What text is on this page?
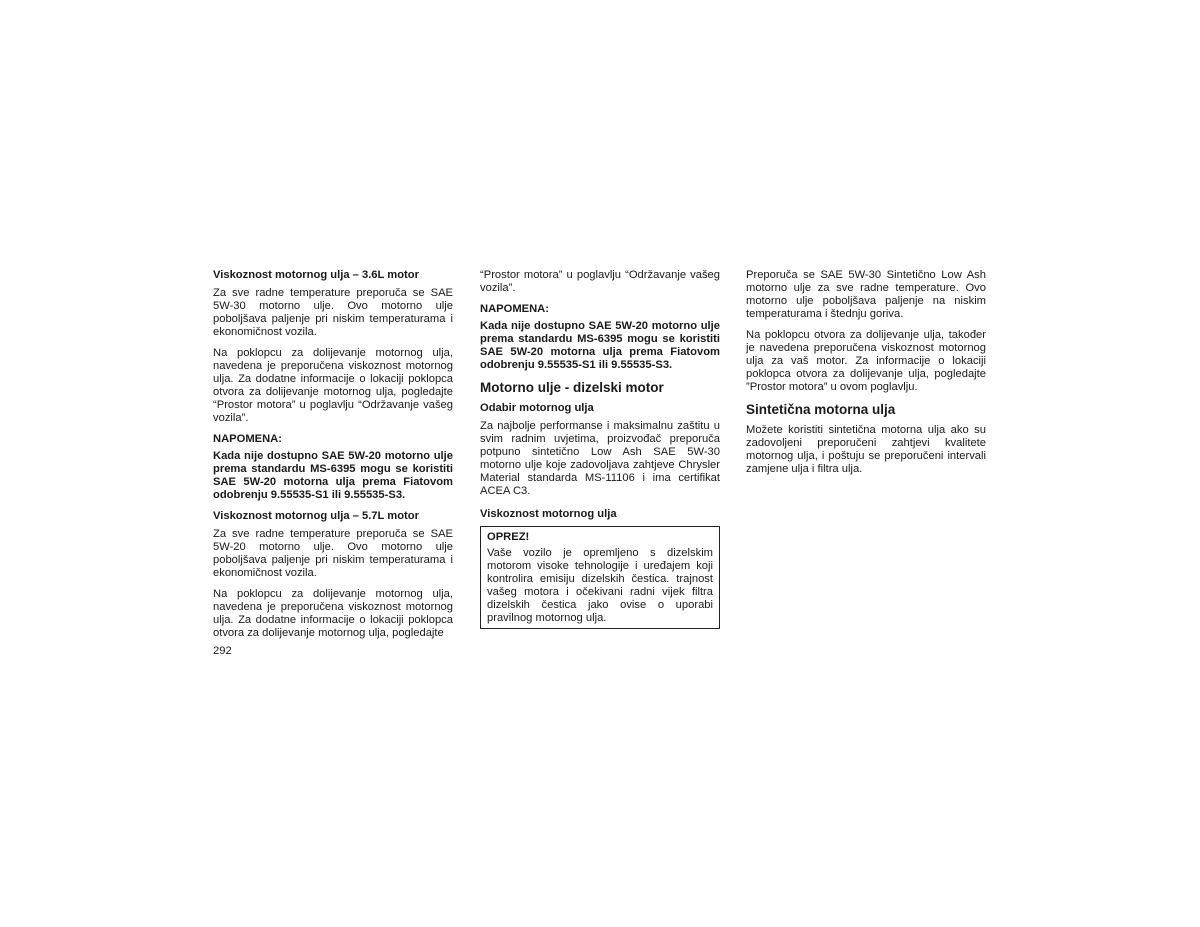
Viskoznost motornog ulja – 3.6L motor
Za sve radne temperature preporuča se SAE 5W-30 motorno ulje. Ovo motorno ulje poboljšava paljenje pri niskim temperaturama i ekonomičnost vozila.
Na poklopcu za dolijevanje motornog ulja, navedena je preporučena viskoznost motornog ulja. Za dodatne informacije o lokaciji poklopca otvora za dolijevanje motornog ulja, pogledajte “Prostor motora” u poglavlju “Održavanje vašeg vozila”.
NAPOMENA:
Kada nije dostupno SAE 5W-20 motorno ulje prema standardu MS-6395 mogu se koristiti SAE 5W-20 motorna ulja prema Fiatovom odobrenju 9.55535-S1 ili 9.55535-S3.
Viskoznost motornog ulja – 5.7L motor
Za sve radne temperature preporuča se SAE 5W-20 motorno ulje. Ovo motorno ulje poboljšava paljenje pri niskim temperaturama i ekonomičnost vozila.
Na poklopcu za dolijevanje motornog ulja, navedena je preporučena viskoznost motornog ulja. Za dodatne informacije o lokaciji poklopca otvora za dolijevanje motornog ulja, pogledajte
“Prostor motora” u poglavlju “Održavanje vašeg vozila”.
NAPOMENA:
Kada nije dostupno SAE 5W-20 motorno ulje prema standardu MS-6395 mogu se koristiti SAE 5W-20 motorna ulja prema Fiatovom odobrenju 9.55535-S1 ili 9.55535-S3.
Motorno ulje - dizelski motor
Odabir motornog ulja
Za najbolje performanse i maksimalnu zaštitu u svim radnim uvjetima, proizvođač preporuča potpuno sintetično Low Ash SAE 5W-30 motorno ulje koje zadovoljava zahtjeve Chrysler Material standarda MS-11106 i ima certifikat ACEA C3.
Viskoznost motornog ulja
OPREZ!
Vaše vozilo je opremljeno s dizelskim motorom visoke tehnologije i uređajem koji kontrolira emisiju dizelskih čestica. trajnost vašeg motora i očekivani radni vijek filtra dizelskih čestica jako ovise o uporabi pravilnog motornog ulja.
Preporuča se SAE 5W-30 Sintetično Low Ash motorno ulje za sve radne temperature. Ovo motorno ulje poboljšava paljenje na niskim temperaturama i štednju goriva.
Na poklopcu otvora za dolijevanje ulja, također je navedena preporučena viskoznost motornog ulja za vaš motor. Za informacije o lokaciji poklopca otvora za dolijevanje ulja, pogledajte ”Prostor motora” u ovom poglavlju.
Sintetična motorna ulja
Možete koristiti sintetična motorna ulja ako su zadovoljeni preporučeni zahtjevi kvalitete motornog ulja, i poštuju se preporučeni intervali zamjene ulja i filtra ulja.
292
